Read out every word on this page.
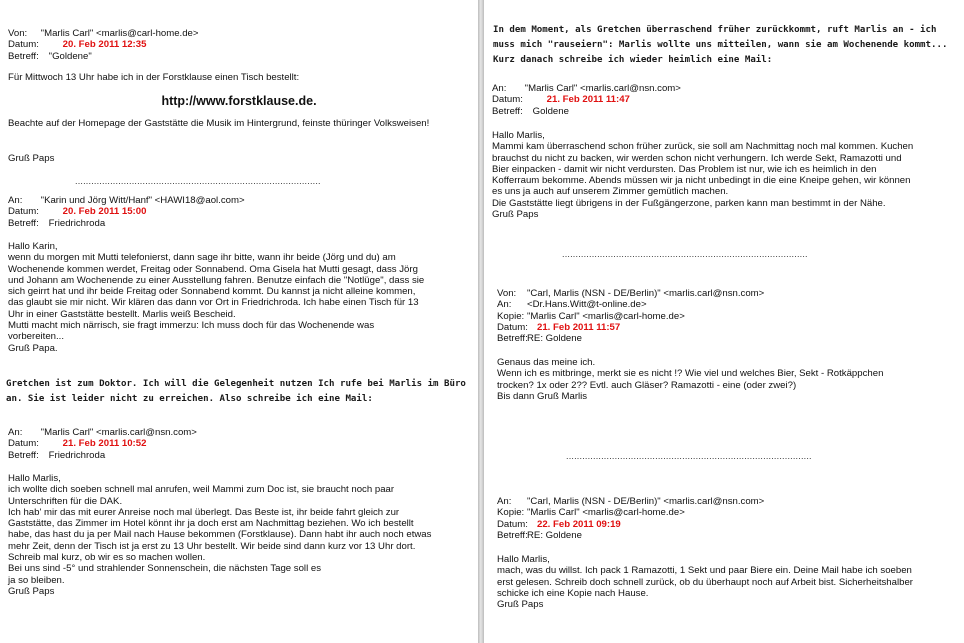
Von: "Marlis Carl" <marlis@carl-home.de>
Datum: 20. Feb 2011 12:35
Betreff: "Goldene"
Für Mittwoch 13 Uhr habe ich in der Forstklause einen Tisch bestellt:
http://www.forstklause.de.
Beachte auf der Homepage der Gaststätte die Musik im Hintergrund, feinste thüringer Volksweisen!
Gruß Paps
...........................................................................................
An: "Karin und Jörg Witt/Hanf" <HAWI18@aol.com>
Datum: 20. Feb 2011 15:00
Betreff: Friedrichroda
Hallo Karin,
wenn du morgen mit Mutti telefonierst, dann sage ihr bitte, wann ihr beide (Jörg und du) am
Wochenende kommen werdet, Freitag oder Sonnabend. Oma Gisela hat Mutti gesagt, dass Jörg
und Johann am Wochenende zu einer Ausstellung fahren. Benutze einfach die "Notlüge", dass sie
sich geirrt hat und ihr beide Freitag oder Sonnabend kommt. Du kannst ja nicht alleine kommen,
das glaubt sie mir nicht. Wir klären das dann vor Ort in Friedrichroda. Ich habe einen Tisch für 13
Uhr in einer Gaststätte bestellt. Marlis weiß Bescheid.
Mutti macht mich närrisch, sie fragt immerzu: Ich muss doch für das Wochenende was
vorbereiten...
Gruß Papa.
Gretchen ist zum Doktor. Ich will die Gelegenheit nutzen Ich rufe bei Marlis im Büro
an. Sie ist leider nicht zu erreichen. Also schreibe ich eine Mail:
An: "Marlis Carl" <marlis.carl@nsn.com>
Datum: 21. Feb 2011 10:52
Betreff: Friedrichroda
Hallo Marlis,
ich wollte dich soeben schnell mal anrufen, weil Mammi zum Doc ist, sie braucht noch paar
Unterschriften für die DAK.
Ich hab' mir das mit eurer Anreise noch mal überlegt. Das Beste ist, ihr beide fahrt gleich zur
Gaststätte, das Zimmer im Hotel könnt ihr ja doch erst am Nachmittag beziehen. Wo ich bestellt
habe, das hast du ja per Mail nach Hause bekommen (Forstklause). Dann habt ihr auch noch etwas
mehr Zeit, denn der Tisch ist ja erst zu 13 Uhr bestellt. Wir beide sind dann kurz vor 13 Uhr dort.
Schreib mal kurz, ob wir es so machen wollen.
Bei uns sind -5° und strahlender Sonnenschein, die nächsten Tage soll es
ja so bleiben.
Gruß Paps
In dem Moment, als Gretchen überraschend früher zurückkommt, ruft Marlis an - ich
muss mich "rauseiern": Marlis wollte uns mitteilen, wann sie am Wochenende kommt...
Kurz danach schreibe ich wieder heimlich eine Mail:
An: "Marlis Carl" <marlis.carl@nsn.com>
Datum: 21. Feb 2011 11:47
Betreff: Goldene
Hallo Marlis,
Mammi kam überraschend schon früher zurück, sie soll am Nachmittag noch mal kommen. Kuchen
brauchst du nicht zu backen, wir werden schon nicht verhungern. Ich werde Sekt, Ramazotti und
Bier einpacken - damit wir nicht verdursten. Das Problem ist nur, wie ich es heimlich in den
Kofferraum bekomme. Abends müssen wir ja nicht unbedingt in die eine Kneipe gehen, wir können
es uns ja auch auf unserem Zimmer gemütlich machen.
Die Gaststätte liegt übrigens in der Fußgängerzone, parken kann man bestimmt in der Nähe.
Gruß Paps
...........................................................................................
Von: "Carl, Marlis (NSN - DE/Berlin)" <marlis.carl@nsn.com>
An: <Dr.Hans.Witt@t-online.de>
Kopie: "Marlis Carl" <marlis@carl-home.de>
Datum: 21. Feb 2011 11:57
Betreff:RE: Goldene
Genaus das meine ich.
Wenn ich es mitbringe, merkt sie es nicht !? Wie viel und welches Bier, Sekt - Rotkäppchen
trocken? 1x oder 2?? Evtl. auch Gläser? Ramazotti - eine (oder zwei?)
Bis dann Gruß Marlis
...........................................................................................
An: "Carl, Marlis (NSN - DE/Berlin)" <marlis.carl@nsn.com>
Kopie: "Marlis Carl" <marlis@carl-home.de>
Datum: 22. Feb 2011 09:19
Betreff:RE: Goldene
Hallo Marlis,
mach, was du willst. Ich pack 1 Ramazotti, 1 Sekt und paar Biere ein. Deine Mail habe ich soeben
erst gelesen. Schreib doch schnell zurück, ob du überhaupt noch auf Arbeit bist. Sicherheitshalber
schicke ich eine Kopie nach Hause.
Gruß Paps
